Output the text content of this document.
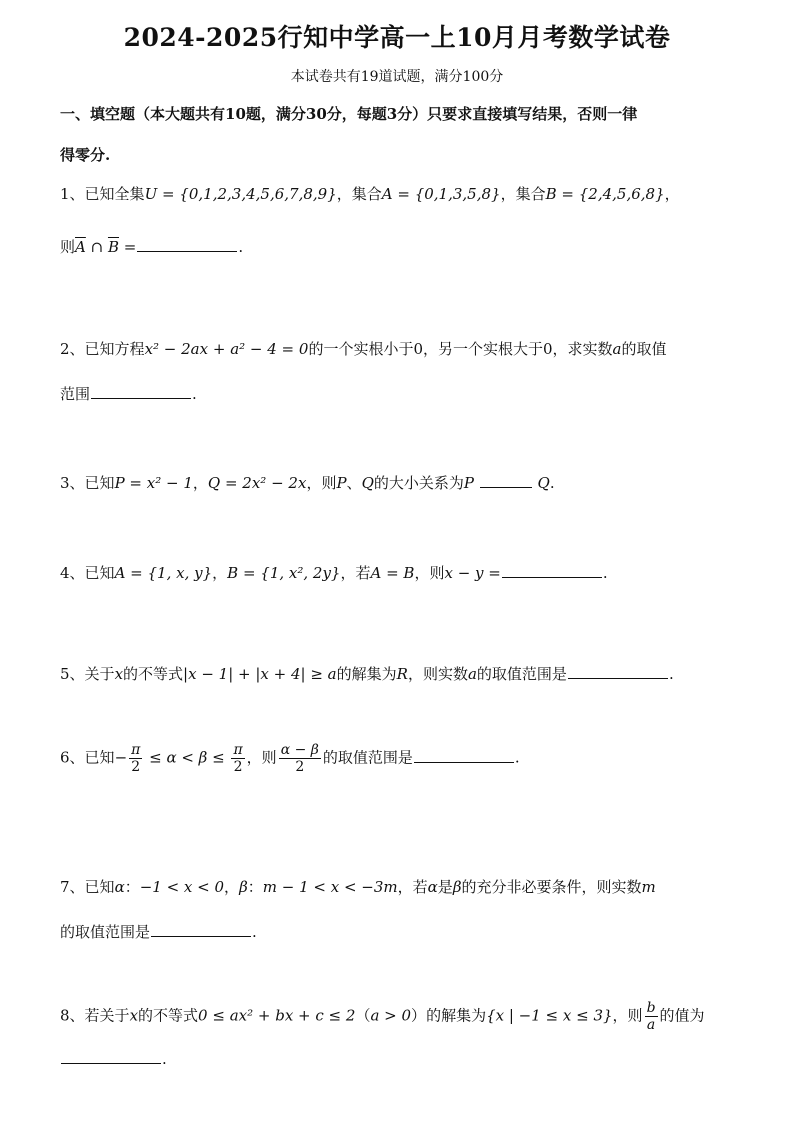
2024-2025行知中学高一上10月月考数学试卷
本试卷共有19道试题，满分100分
一、填空题（本大题共有10题，满分30分，每题3分）只要求直接填写结果，否则一律
得零分.
1、已知全集U = {0,1,2,3,4,5,6,7,8,9}，集合A = {0,1,3,5,8}，集合B = {2,4,5,6,8}，
则$\overline{A}$ ∩ $\overline{B}$ =	.
2、已知方程x² − 2ax + a² − 4 = 0的一个实根小于0，另一个实根大于0，求实数a的取值
范围	.
3、已知P = x² − 1，Q = 2x² − 2x，则P、Q的大小关系为P	Q.
4、已知A = {1, x, y}，B = {1, x², 2y}，若A = B，则x − y =	.
5、关于x的不等式|x − 1| + |x + 4| ≥ a的解集为R，则实数a的取值范围是	.
6、已知− $\frac{\pi}{2} \le \alpha < \beta \le \frac{\pi}{2}$ ，则 $\frac{\alpha - \beta}{2}$ 的取值范围是	.
7、已知α：−1 < x < 0，β：m − 1 < x < −3m，若α是β的充分非必要条件，则实数m
的取值范围是	.
8、若关于x的不等式0 ≤ ax² + bx + c ≤ 2（a > 0）的解集为{x | −1 ≤ x ≤ 3}，则 $\frac{b}{a}$ 的值为
.
